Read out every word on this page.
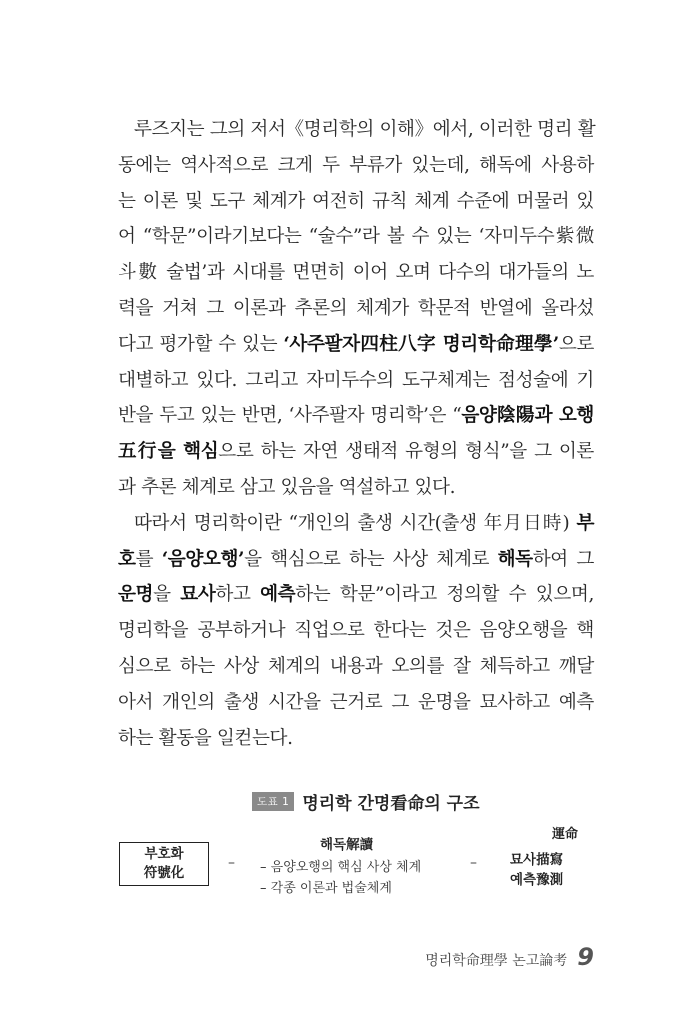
루즈지는 그의 저서《명리학의 이해》에서, 이러한 명리 활
동에는 역사적으로 크게 두 부류가 있는데, 해독에 사용하
는 이론 및 도구 체계가 여전히 규칙 체계 수준에 머물러 있
어 “학문”이라기보다는 “술수”라 볼 수 있는 ‘자미두수紫微
斗數 술법’과 시대를 면면히 이어 오며 다수의 대가들의 노
력을 거쳐 그 이론과 추론의 체계가 학문적 반열에 올라섰
다고 평가할 수 있는 ‘사주팔자四柱八字 명리학命理學’으로
대별하고 있다. 그리고 자미두수의 도구체계는 점성술에 기
반을 두고 있는 반면, ‘사주팔자 명리학’은 “음양陰陽과 오행
五行을 핵심으로 하는 자연 생태적 유형의 형식”을 그 이론
과 추론 체계로 삼고 있음을 역설하고 있다.
따라서 명리학이란 “개인의 출생 시간(출생 年月日時) 부
호를 ‘음양오행’을 핵심으로 하는 사상 체계로 해독하여 그
운명을 묘사하고 예측하는 학문”이라고 정의할 수 있으며,
명리학을 공부하거나 직업으로 한다는 것은 음양오행을 핵
심으로 하는 사상 체계의 내용과 오의를 잘 체득하고 깨달
아서 개인의 출생 시간을 근거로 그 운명을 묘사하고 예측
하는 활동을 일컫는다.
도표 1 명리학 간명看命의 구조
부호화
符號化
–
해독解讀
– 음양오행의 핵심 사상 체계
– 각종 이론과 법술체계
–
運命
묘사描寫
예측豫測
명리학命理學 논고論考 9
